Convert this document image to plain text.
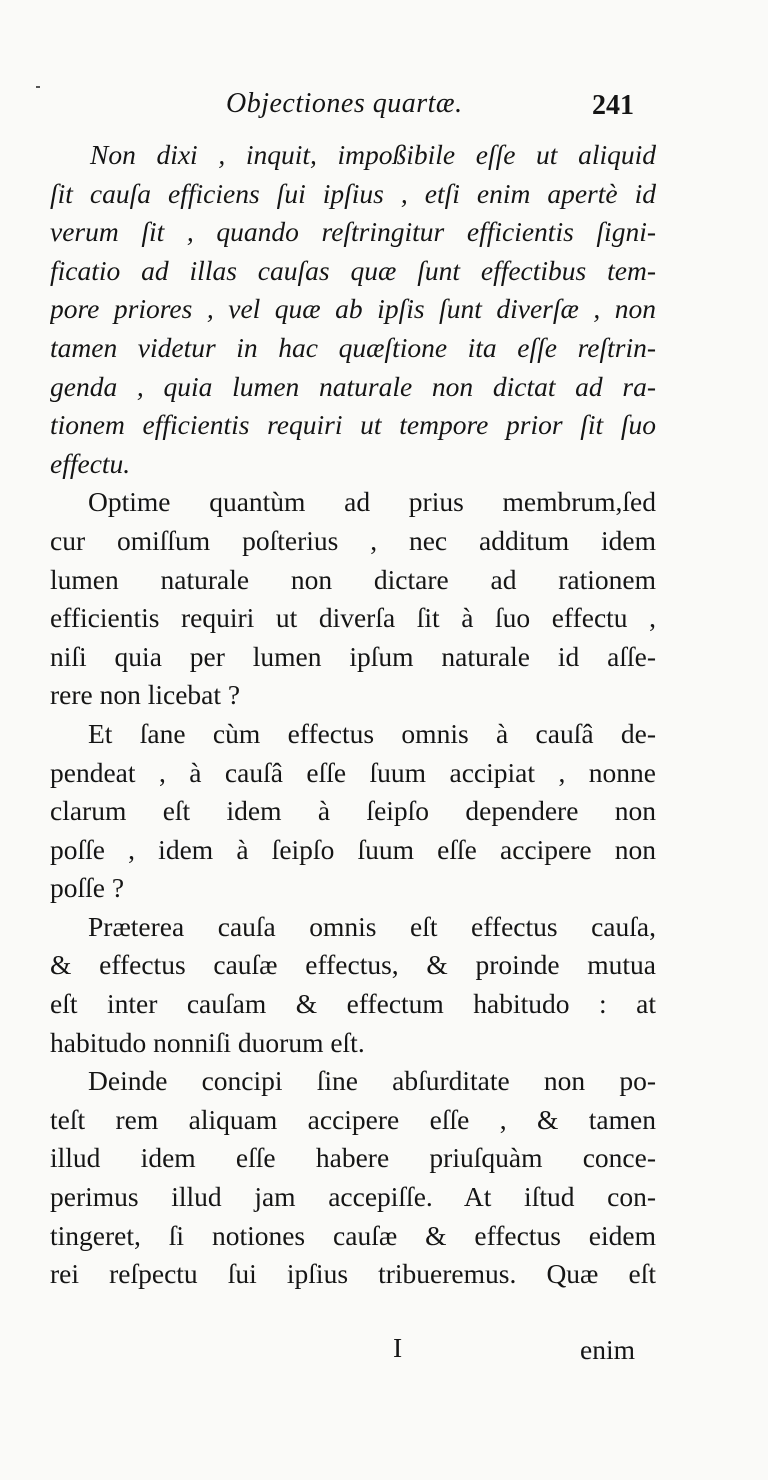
Objectiones quartæ.	241
Non dixi , inquit, impoßibile eſſe ut aliquid
ſit cauſa efficiens ſui ipſius , etſi enim apertè id
verum ſit , quando reſtringitur efficientis ſigni-
ficatio ad illas cauſas quæ ſunt effectibus tem-
pore priores , vel quæ ab ipſis ſunt diverſæ , non
tamen videtur in hac quæſtione ita eſſe reſtrin-
genda , quia lumen naturale non dictat ad ra-
tionem efficientis requiri ut tempore prior ſit ſuo
effectu.
Optime quantùm ad prius membrum,ſed
cur omiſſum poſterius , nec additum idem
lumen naturale non dictare ad rationem
efficientis requiri ut diverſa ſit à ſuo effectu ,
niſi quia per lumen ipſum naturale id aſſe-
rere non licebat ?
Et ſane cùm effectus omnis à cauſâ de-
pendeat , à cauſâ eſſe ſuum accipiat , nonne
clarum eſt idem à ſeipſo dependere non
poſſe , idem à ſeipſo ſuum eſſe accipere non
poſſe ?
Præterea cauſa omnis eſt effectus cauſa,
& effectus cauſæ effectus, & proinde mutua
eſt inter cauſam & effectum habitudo : at
habitudo nonniſi duorum eſt.
Deinde concipi ſine abſurditate non po-
teſt rem aliquam accipere eſſe , & tamen
illud idem eſſe habere priuſquàm conce-
perimus illud jam accepiſſe. At iſtud con-
tingeret, ſi notiones cauſæ & effectus eidem
rei reſpectu ſui ipſius tribueremus. Quæ eſt
I	enim
